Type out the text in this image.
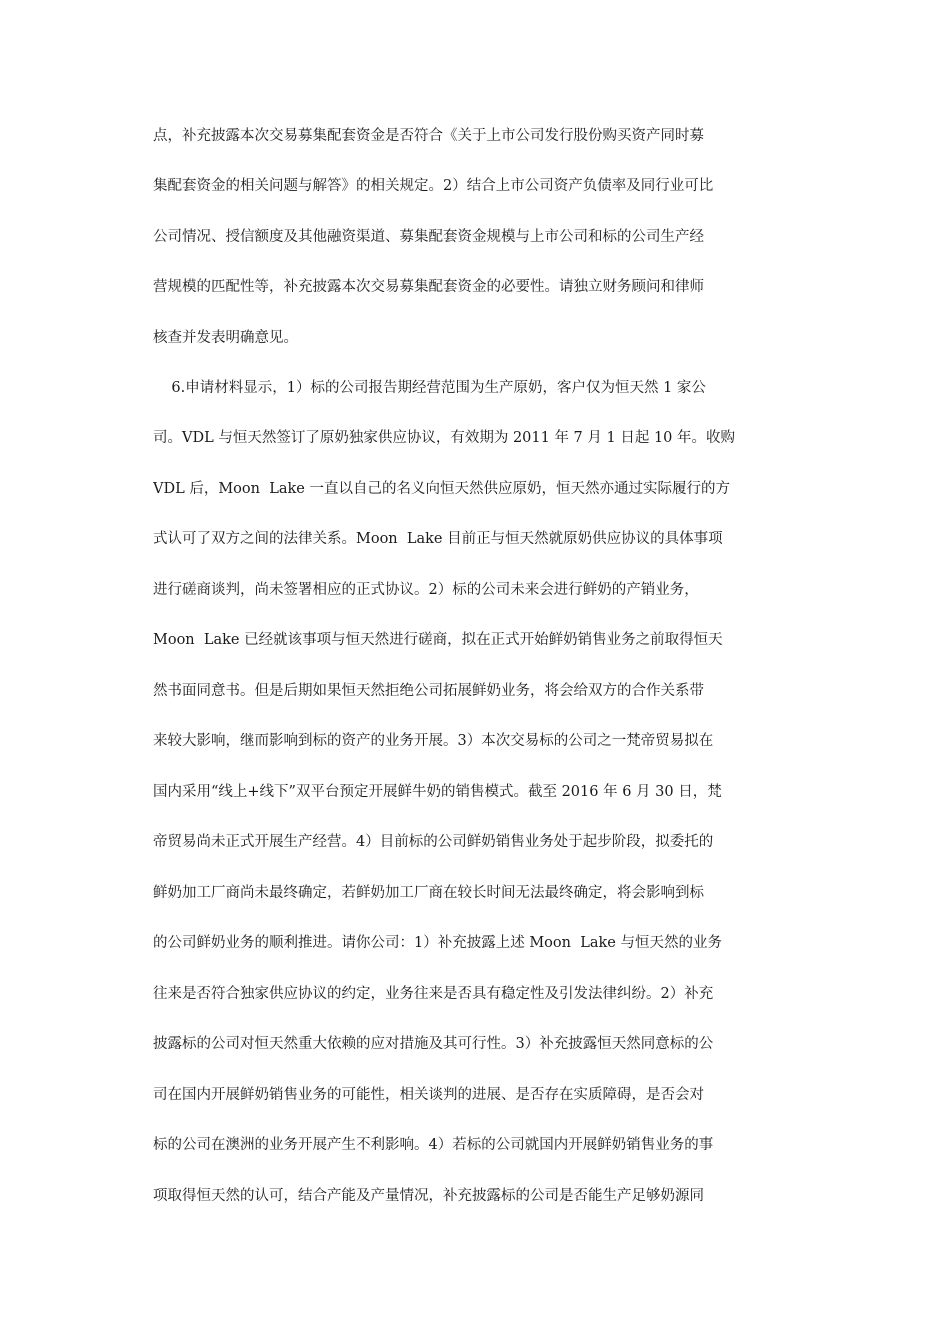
点，补充披露本次交易募集配套资金是否符合《关于上市公司发行股份购买资产同时募
集配套资金的相关问题与解答》的相关规定。2）结合上市公司资产负债率及同行业可比
公司情况、授信额度及其他融资渠道、募集配套资金规模与上市公司和标的公司生产经
营规模的匹配性等，补充披露本次交易募集配套资金的必要性。请独立财务顾问和律师
核查并发表明确意见。
6.申请材料显示，1）标的公司报告期经营范围为生产原奶，客户仅为恒天然 1 家公
司。VDL 与恒天然签订了原奶独家供应协议，有效期为 2011 年 7 月 1 日起 10 年。收购
VDL 后，Moon  Lake 一直以自己的名义向恒天然供应原奶，恒天然亦通过实际履行的方
式认可了双方之间的法律关系。Moon  Lake 目前正与恒天然就原奶供应协议的具体事项
进行磋商谈判，尚未签署相应的正式协议。2）标的公司未来会进行鲜奶的产销业务，
Moon  Lake 已经就该事项与恒天然进行磋商，拟在正式开始鲜奶销售业务之前取得恒天
然书面同意书。但是后期如果恒天然拒绝公司拓展鲜奶业务，将会给双方的合作关系带
来较大影响，继而影响到标的资产的业务开展。3）本次交易标的公司之一梵帝贸易拟在
国内采用“线上+线下”双平台预定开展鲜牛奶的销售模式。截至 2016 年 6 月 30 日，梵
帝贸易尚未正式开展生产经营。4）目前标的公司鲜奶销售业务处于起步阶段，拟委托的
鲜奶加工厂商尚未最终确定，若鲜奶加工厂商在较长时间无法最终确定，将会影响到标
的公司鲜奶业务的顺利推进。请你公司：1）补充披露上述 Moon  Lake 与恒天然的业务
往来是否符合独家供应协议的约定，业务往来是否具有稳定性及引发法律纠纷。2）补充
披露标的公司对恒天然重大依赖的应对措施及其可行性。3）补充披露恒天然同意标的公
司在国内开展鲜奶销售业务的可能性，相关谈判的进展、是否存在实质障碍，是否会对
标的公司在澳洲的业务开展产生不利影响。4）若标的公司就国内开展鲜奶销售业务的事
项取得恒天然的认可，结合产能及产量情况，补充披露标的公司是否能生产足够奶源同
